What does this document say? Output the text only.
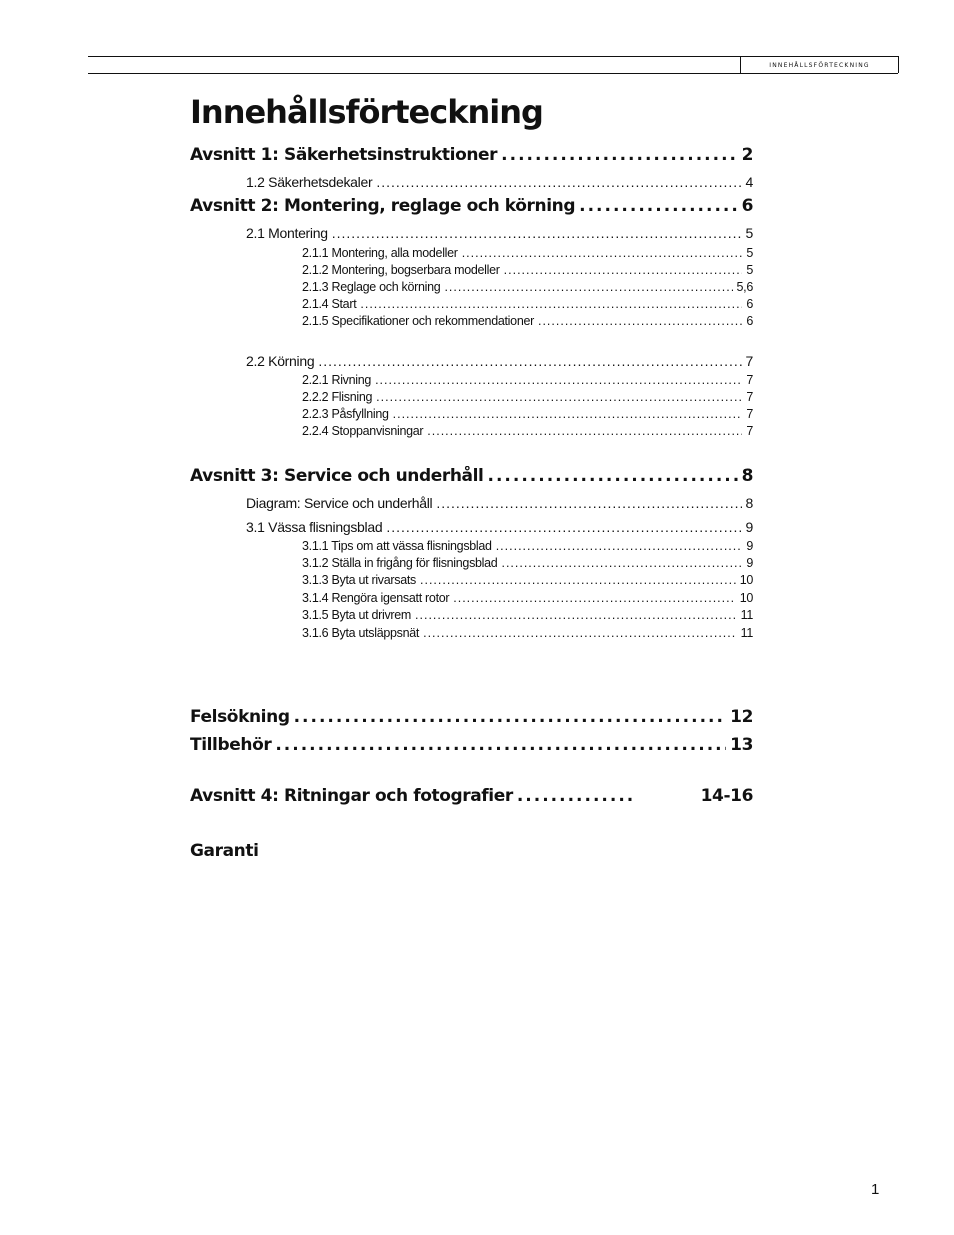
innehållsförteckning
Innehållsförteckning
Avsnitt 1: Säkerhetsinstruktioner .....	2
1.2 Säkerhetsdekaler .....	4
Avsnitt 2: Montering, reglage och körning .....	6
2.1 Montering .....	5
2.1.1 Montering, alla modeller .....	5
2.1.2 Montering, bogserbara modeller .....	5
2.1.3 Reglage och körning .....	5,6
2.1.4 Start .....	6
2.1.5 Specifikationer och rekommendationer .....	6
2.2 Körning .....	7
2.2.1 Rivning .....	7
2.2.2 Flisning .....	7
2.2.3 Påsfyllning .....	7
2.2.4 Stoppanvisningar .....	7
Avsnitt 3: Service och underhåll .....	8
Diagram: Service och underhåll .....	8
3.1 Vässa flisningsblad .....	9
3.1.1 Tips om att vässa flisningsblad .....	9
3.1.2 Ställa in frigång för flisningsblad .....	9
3.1.3 Byta ut rivarsats .....	10
3.1.4 Rengöra igensatt rotor .....	10
3.1.5 Byta ut drivrem .....	11
3.1.6 Byta utsläppsnät .....	11
Felsökning .....	12
Tillbehör .....	13
Avsnitt 4: Ritningar och fotografier .....	14-16
Garanti
1
